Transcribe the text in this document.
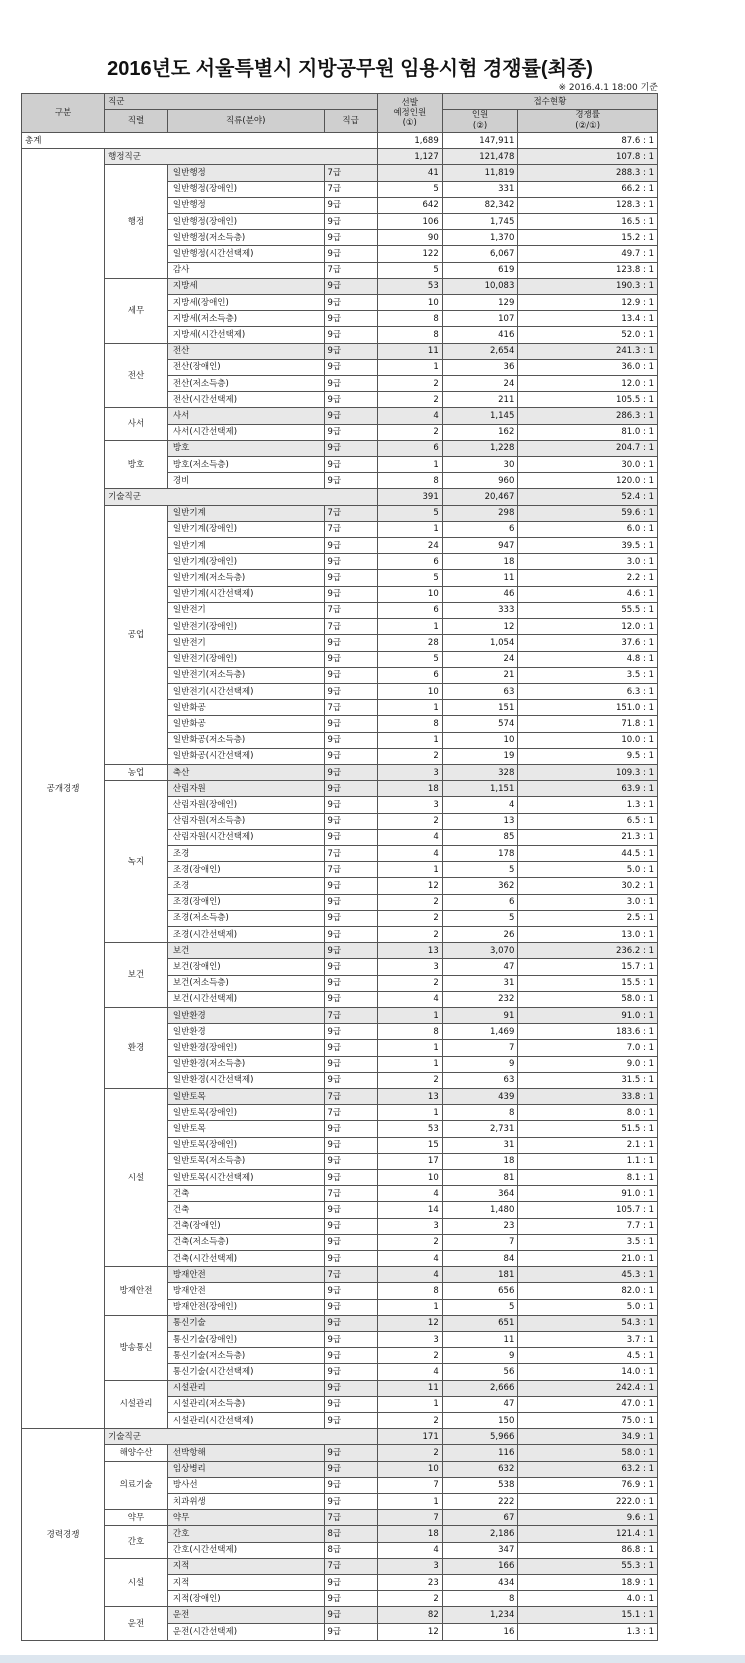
2016년도 서울특별시 지방공무원 임용시험 경쟁률(최종)
※ 2016.4.1 18:00 기준
구분	직군			선발
예정인원
(①)	접수현황	
	직렬	직류(분야)	직급		인원
(②)	경쟁률
(②/①)
총계				1,689	147,911	87.6 : 1
공개경쟁	행정직군			1,127	121,478	107.8 : 1
	행정	일반행정	7급	41	11,819	288.3 : 1
		일반행정(장애인)	7급	5	331	66.2 : 1
		일반행정	9급	642	82,342	128.3 : 1
		일반행정(장애인)	9급	106	1,745	16.5 : 1
		일반행정(저소득층)	9급	90	1,370	15.2 : 1
		일반행정(시간선택제)	9급	122	6,067	49.7 : 1
		감사	7급	5	619	123.8 : 1
	세무	지방세	9급	53	10,083	190.3 : 1
		지방세(장애인)	9급	10	129	12.9 : 1
		지방세(저소득층)	9급	8	107	13.4 : 1
		지방세(시간선택제)	9급	8	416	52.0 : 1
	전산	전산	9급	11	2,654	241.3 : 1
		전산(장애인)	9급	1	36	36.0 : 1
		전산(저소득층)	9급	2	24	12.0 : 1
		전산(시간선택제)	9급	2	211	105.5 : 1
	사서	사서	9급	4	1,145	286.3 : 1
		사서(시간선택제)	9급	2	162	81.0 : 1
	방호	방호	9급	6	1,228	204.7 : 1
		방호(저소득층)	9급	1	30	30.0 : 1
		경비	9급	8	960	120.0 : 1
	기술직군			391	20,467	52.4 : 1
	공업	일반기계	7급	5	298	59.6 : 1
		일반기계(장애인)	7급	1	6	6.0 : 1
		일반기계	9급	24	947	39.5 : 1
		일반기계(장애인)	9급	6	18	3.0 : 1
		일반기계(저소득층)	9급	5	11	2.2 : 1
		일반기계(시간선택제)	9급	10	46	4.6 : 1
		일반전기	7급	6	333	55.5 : 1
		일반전기(장애인)	7급	1	12	12.0 : 1
		일반전기	9급	28	1,054	37.6 : 1
		일반전기(장애인)	9급	5	24	4.8 : 1
		일반전기(저소득층)	9급	6	21	3.5 : 1
		일반전기(시간선택제)	9급	10	63	6.3 : 1
		일반화공	7급	1	151	151.0 : 1
		일반화공	9급	8	574	71.8 : 1
		일반화공(저소득층)	9급	1	10	10.0 : 1
		일반화공(시간선택제)	9급	2	19	9.5 : 1
	농업	축산	9급	3	328	109.3 : 1
	녹지	산림자원	9급	18	1,151	63.9 : 1
		산림자원(장애인)	9급	3	4	1.3 : 1
		산림자원(저소득층)	9급	2	13	6.5 : 1
		산림자원(시간선택제)	9급	4	85	21.3 : 1
		조경	7급	4	178	44.5 : 1
		조경(장애인)	7급	1	5	5.0 : 1
		조경	9급	12	362	30.2 : 1
		조경(장애인)	9급	2	6	3.0 : 1
		조경(저소득층)	9급	2	5	2.5 : 1
		조경(시간선택제)	9급	2	26	13.0 : 1
	보건	보건	9급	13	3,070	236.2 : 1
		보건(장애인)	9급	3	47	15.7 : 1
		보건(저소득층)	9급	2	31	15.5 : 1
		보건(시간선택제)	9급	4	232	58.0 : 1
	환경	일반환경	7급	1	91	91.0 : 1
		일반환경	9급	8	1,469	183.6 : 1
		일반환경(장애인)	9급	1	7	7.0 : 1
		일반환경(저소득층)	9급	1	9	9.0 : 1
		일반환경(시간선택제)	9급	2	63	31.5 : 1
	시설	일반토목	7급	13	439	33.8 : 1
		일반토목(장애인)	7급	1	8	8.0 : 1
		일반토목	9급	53	2,731	51.5 : 1
		일반토목(장애인)	9급	15	31	2.1 : 1
		일반토목(저소득층)	9급	17	18	1.1 : 1
		일반토목(시간선택제)	9급	10	81	8.1 : 1
		건축	7급	4	364	91.0 : 1
		건축	9급	14	1,480	105.7 : 1
		건축(장애인)	9급	3	23	7.7 : 1
		건축(저소득층)	9급	2	7	3.5 : 1
		건축(시간선택제)	9급	4	84	21.0 : 1
	방재안전	방재안전	7급	4	181	45.3 : 1
		방재안전	9급	8	656	82.0 : 1
		방재안전(장애인)	9급	1	5	5.0 : 1
	방송통신	통신기술	9급	12	651	54.3 : 1
		통신기술(장애인)	9급	3	11	3.7 : 1
		통신기술(저소득층)	9급	2	9	4.5 : 1
		통신기술(시간선택제)	9급	4	56	14.0 : 1
	시설관리	시설관리	9급	11	2,666	242.4 : 1
		시설관리(저소득층)	9급	1	47	47.0 : 1
		시설관리(시간선택제)	9급	2	150	75.0 : 1
경력경쟁	기술직군			171	5,966	34.9 : 1
	해양수산	선박항해	9급	2	116	58.0 : 1
	의료기술	임상병리	9급	10	632	63.2 : 1
		방사선	9급	7	538	76.9 : 1
		치과위생	9급	1	222	222.0 : 1
	약무	약무	7급	7	67	9.6 : 1
	간호	간호	8급	18	2,186	121.4 : 1
		간호(시간선택제)	8급	4	347	86.8 : 1
	시설	지적	7급	3	166	55.3 : 1
		지적	9급	23	434	18.9 : 1
		지적(장애인)	9급	2	8	4.0 : 1
	운전	운전	9급	82	1,234	15.1 : 1
		운전(시간선택제)	9급	12	16	1.3 : 1
